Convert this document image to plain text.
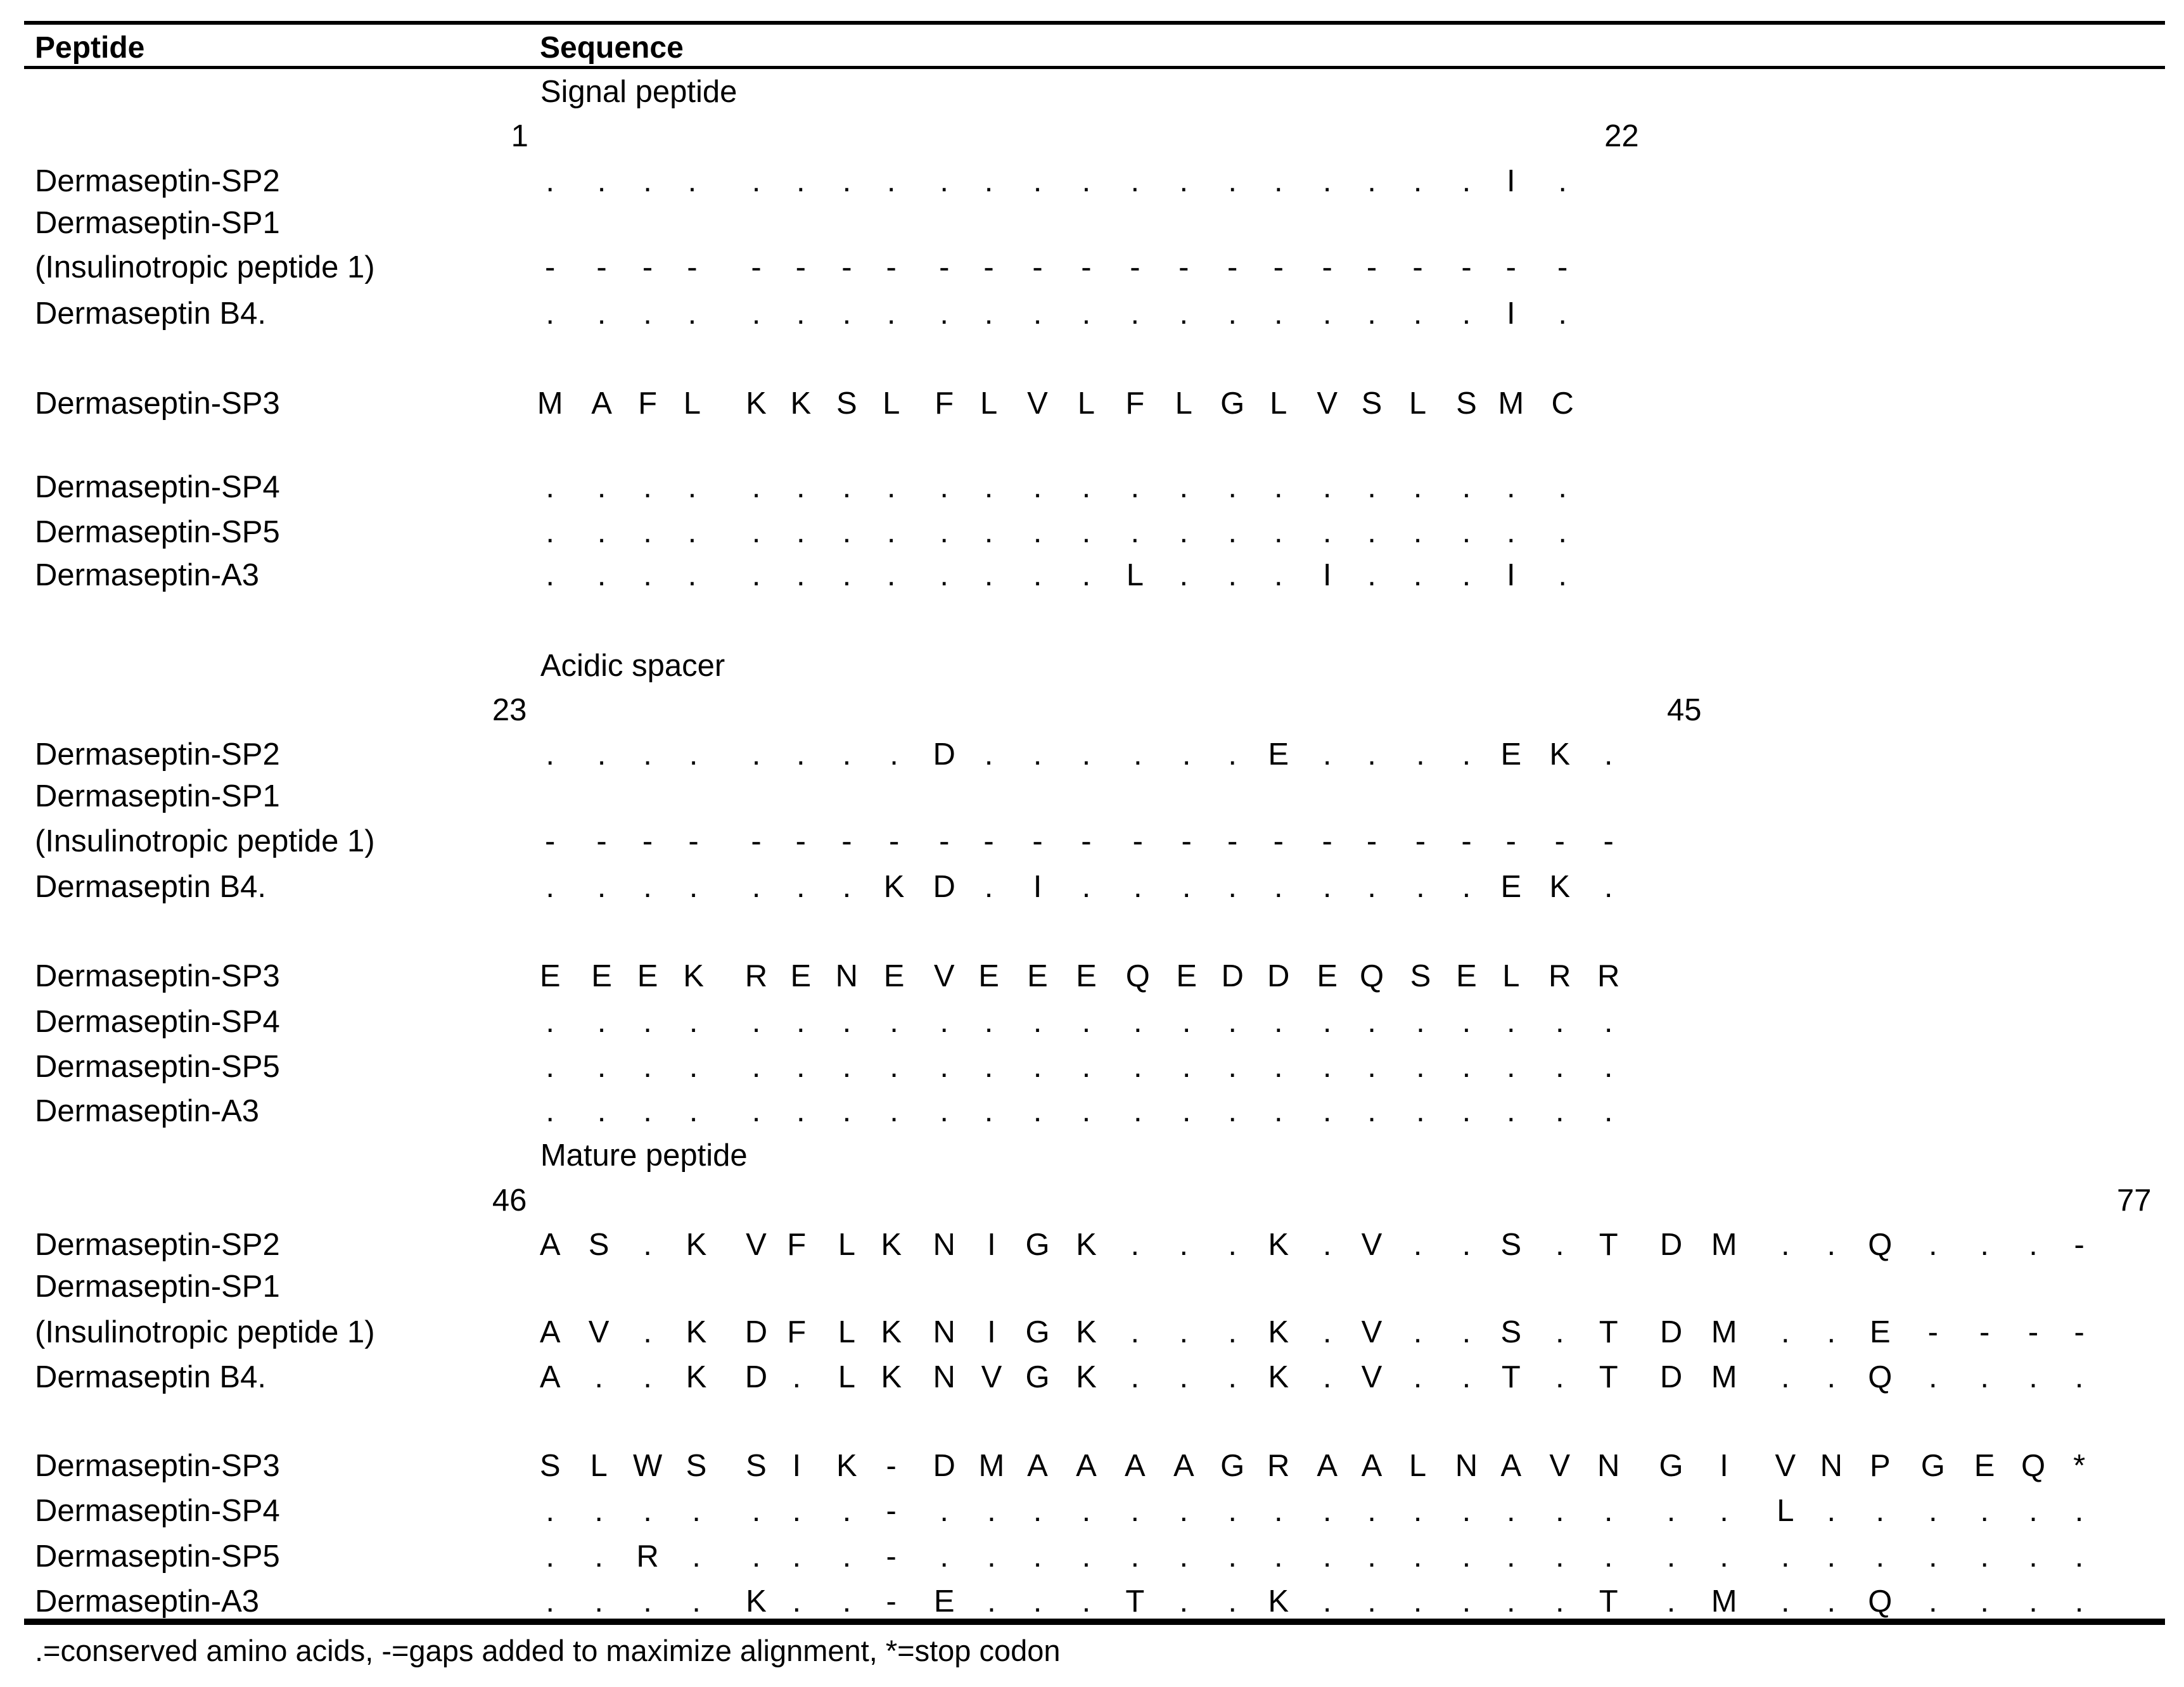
Peptide	Sequence
Signal peptide
1	22
Dermaseptin-SP2	.	.	.	.	.	.	.	.	.	.	.	.	.	.	.	.	.	.	.	.	I	.
Dermaseptin-SP1
(Insulinotropic peptide 1)	-	-	-	-	-	-	-	-	-	-	-	-	-	-	-	-	-	-	-	-	-	-
Dermaseptin B4.	.	.	.	.	.	.	.	.	.	.	.	.	.	.	.	.	.	.	.	.	I	.
Dermaseptin-SP3	M A F L	K K S L	F L V L F L G L V S L S M C
Dermaseptin-SP4	.	.	.	.	.	.	.	.	.	.	.	.	.	.	.	.	.	.	.	.	.	.
Dermaseptin-SP5	.	.	.	.	.	.	.	.	.	.	.	.	.	.	.	.	.	.	.	.	.	.
Dermaseptin-A3	.	.	.	.	.	.	.	.	.	.	.	.	L	.	.	.	I	.	.	.	I	.
Acidic spacer
23	45
Dermaseptin-SP2	.	.	.	.	.	.	.	.	D .	.	.	.	.	.	E	.	.	.	. E K	.
Dermaseptin-SP1
(Insulinotropic peptide 1)	-	-	-	-	-	-	-	-	-	-	-	-	-	-	-	-	-	-	-	-	-	-	-
Dermaseptin B4.	.	.	.	.	.	.	.	K D .	I	.	.	.	.	.	.	.	.	. E K	.
Dermaseptin-SP3	E E E K R E N E V E E E Q E D D E Q S E L R R
Dermaseptin-SP4	.	.	.	.	.	.	.	.	.	.	.	.	.	.	.	.	.	.	.	.	.	.	.
Dermaseptin-SP5	.	.	.	.	.	.	.	.	.	.	.	.	.	.	.	.	.	.	.	.	.	.	.
Dermaseptin-A3	.	.	.	.	.	.	.	.	.	.	.	.	.	.	.	.	.	.	.	.	.	.	.
Mature peptide
46	77
Dermaseptin-SP2	A S	.	K V F	L K N	I G K	.	.	.	K	. V	.	. S	.	T	D M	.	.	Q	.	.	.	-
Dermaseptin-SP1
(Insulinotropic peptide 1)	A V	.	K D F	L K N	I G K	.	.	.	K	. V	.	. S	.	T	D M	.	.	E	-	-	-	-
Dermaseptin B4.	A	.	.	K D .	L K N V G K	.	.	.	K	. V	.	. T	.	T	D M	.	.	Q	.	.	.	.
Dermaseptin-SP3	S L W S S I	K -	D M A A A A G R A A L N A V N G	I	V N P G E Q *
Dermaseptin-SP4	.	.	.	.	.	.	.	-	.	.	.	.	.	.	.	.	.	.	.	.	.	.	.	.	.	L	.	.	.	.	.	.
Dermaseptin-SP5	.	.	R	.	.	.	.	-	.	.	.	.	.	.	.	.	.	.	.	.	.	.	.	.	.	.	.	.	.	.	.	.
Dermaseptin-A3	.	.	.	.	K .	.	-	E	.	.	.	T	.	.	K	.	.	.	.	.	.	T	.	M	.	.	Q	.	.	.	.
.=conserved amino acids, -=gaps added to maximize alignment, *=stop codon
